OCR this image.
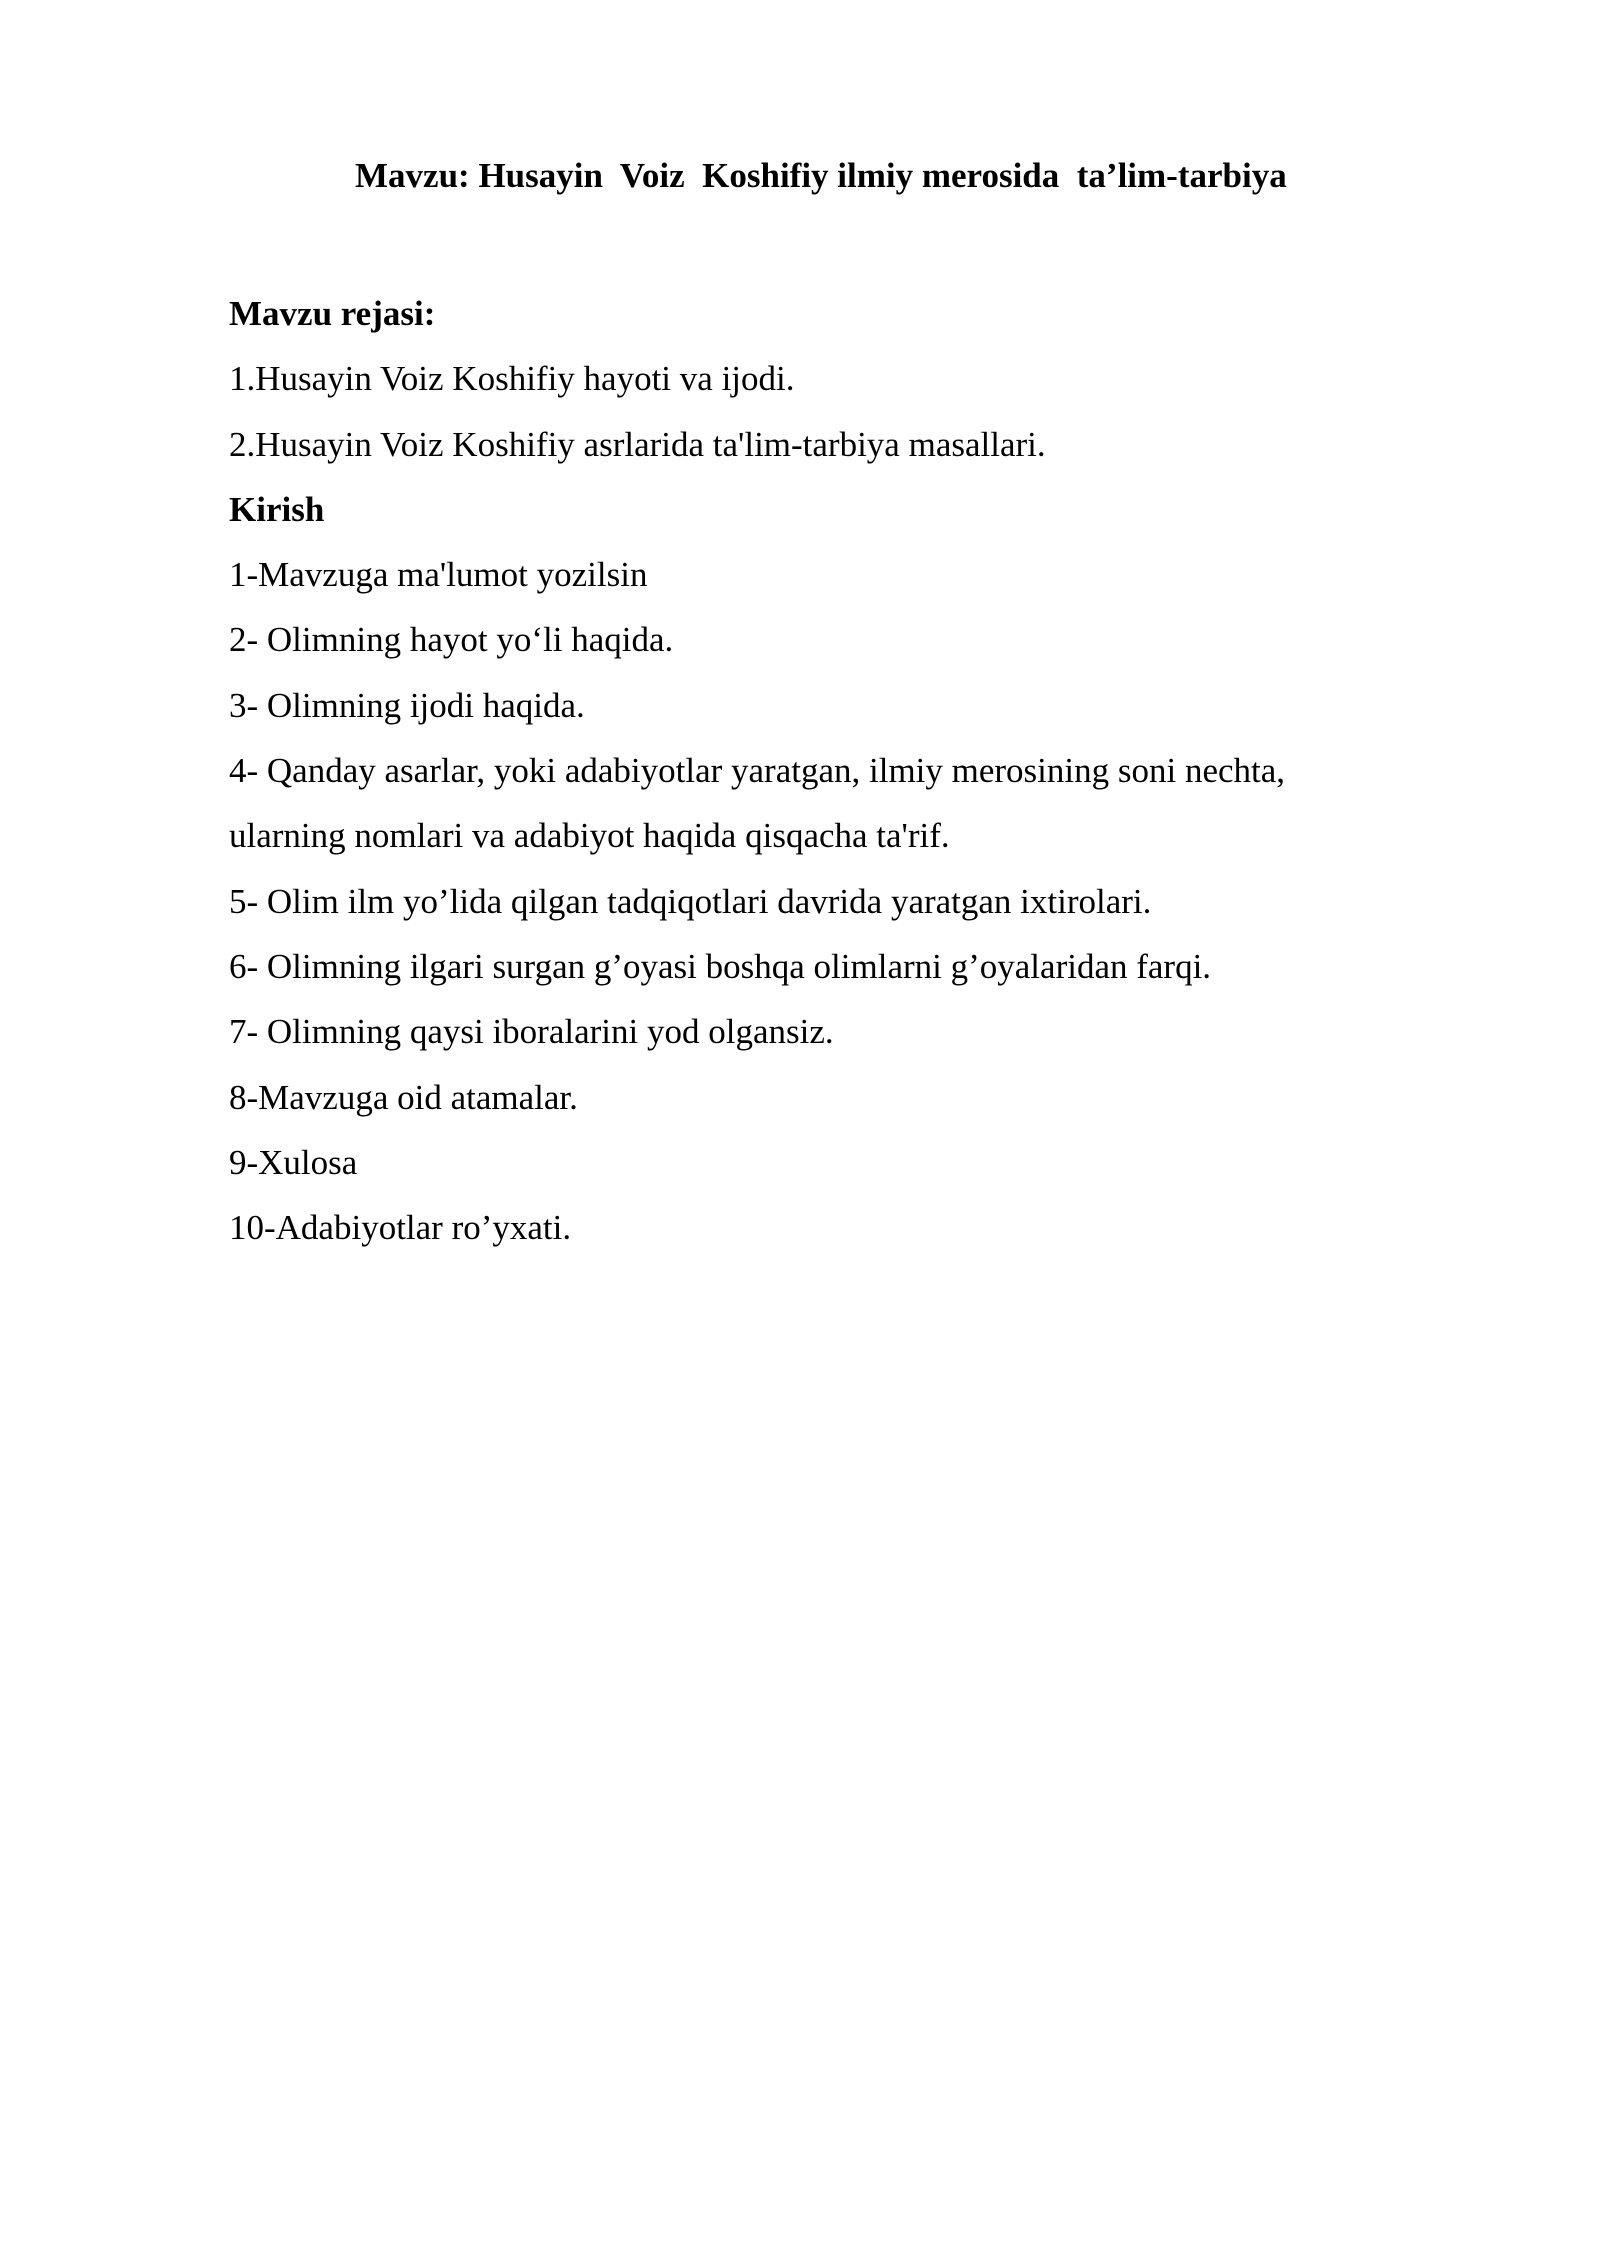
Mavzu: Husayin  Voiz  Koshifiy ilmiy merosida  ta’lim-tarbiya

Mavzu rejasi:

1.Husayin Voiz Koshifiy hayoti va ijodi.

2.Husayin Voiz Koshifiy asrlarida ta'lim-tarbiya masallari.

Kirish

1-Mavzuga ma'lumot yozilsin

2- Olimning hayot yo‘li haqida.

3- Olimning ijodi haqida.

4- Qanday asarlar, yoki adabiyotlar yaratgan, ilmiy merosining soni nechta,

ularning nomlari va adabiyot haqida qisqacha ta'rif.

5- Olim ilm yo’lida qilgan tadqiqotlari davrida yaratgan ixtirolari.

6- Olimning ilgari surgan g’oyasi boshqa olimlarni g’oyalaridan farqi.

7- Olimning qaysi iboralarini yod olgansiz.

8-Mavzuga oid atamalar.

9-Xulosa

10-Adabiyotlar ro’yxati.
